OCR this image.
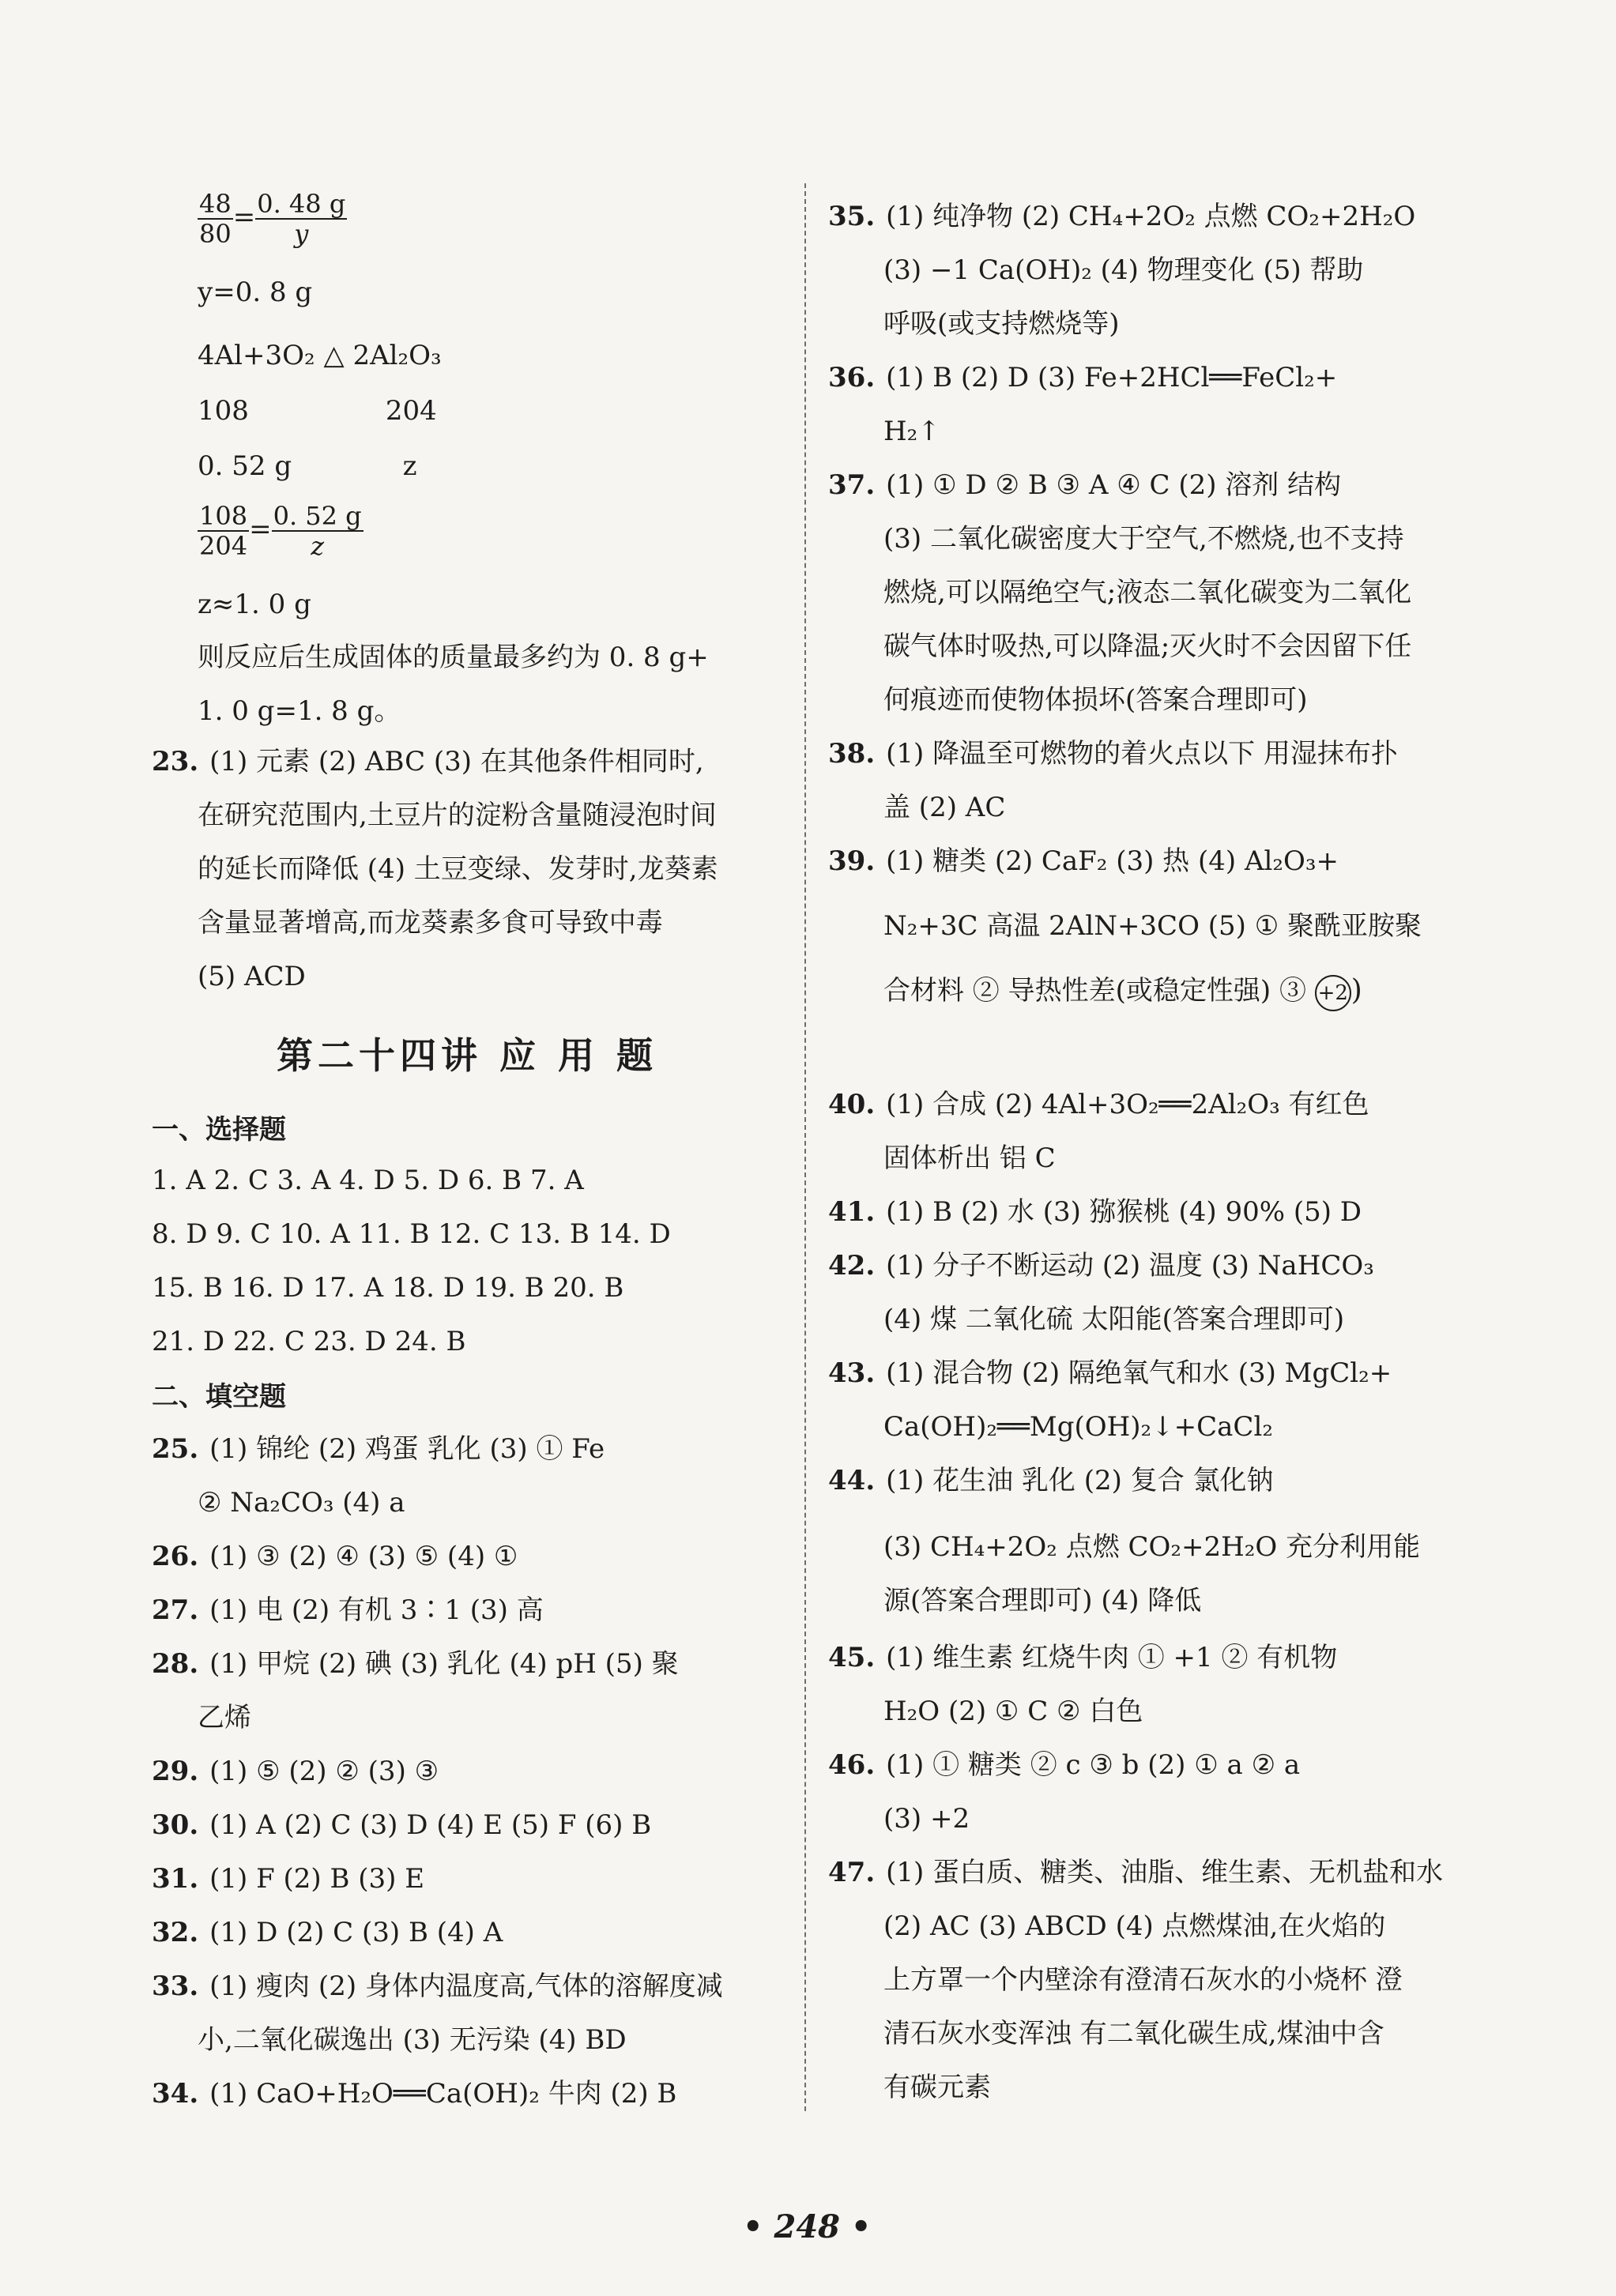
$\frac{48}{80} = \frac{0. 48 g}{y}$
y=0. 8 g
4Al+3O₂ △ 2Al₂O₃
108                204
0. 52 g             z
$\frac{108}{204} = \frac{0. 52 g}{z}$
z≈1. 0 g
则反应后生成固体的质量最多约为 0. 8 g+
1. 0 g=1. 8 g。
23. (1) 元素 (2) ABC (3) 在其他条件相同时,
在研究范围内,土豆片的淀粉含量随浸泡时间
的延长而降低 (4) 土豆变绿、发芽时,龙葵素
含量显著增高,而龙葵素多食可导致中毒
(5) ACD
第二十四讲 应 用 题
一、选择题
1. A 2. C 3. A 4. D 5. D 6. B 7. A
8. D 9. C 10. A 11. B 12. C 13. B 14. D
15. B 16. D 17. A 18. D 19. B 20. B
21. D 22. C 23. D 24. B
二、填空题
25. (1) 锦纶 (2) 鸡蛋 乳化 (3) ① Fe
② Na₂CO₃ (4) a
26. (1) ③ (2) ④ (3) ⑤ (4) ①
27. (1) 电 (2) 有机 3∶1 (3) 高
28. (1) 甲烷 (2) 碘 (3) 乳化 (4) pH (5) 聚
乙烯
29. (1) ⑤ (2) ② (3) ③
30. (1) A (2) C (3) D (4) E (5) F (6) B
31. (1) F (2) B (3) E
32. (1) D (2) C (3) B (4) A
33. (1) 瘦肉 (2) 身体内温度高,气体的溶解度减
小,二氧化碳逸出 (3) 无污染 (4) BD
34. (1) CaO+H₂O══Ca(OH)₂ 牛肉 (2) B
35. (1) 纯净物 (2) CH₄+2O₂ 点燃 CO₂+2H₂O
(3) −1 Ca(OH)₂ (4) 物理变化 (5) 帮助
呼吸(或支持燃烧等)
36. (1) B (2) D (3) Fe+2HCl══FeCl₂+
H₂↑
37. (1) ① D ② B ③ A ④ C (2) 溶剂 结构
(3) 二氧化碳密度大于空气,不燃烧,也不支持
燃烧,可以隔绝空气;液态二氧化碳变为二氧化
碳气体时吸热,可以降温;灭火时不会因留下任
何痕迹而使物体损坏(答案合理即可)
38. (1) 降温至可燃物的着火点以下 用湿抹布扑
盖 (2) AC
39. (1) 糖类 (2) CaF₂ (3) 热 (4) Al₂O₃+
N₂+3C 高温 2AlN+3CO (5) ① 聚酰亚胺聚
合材料 ② 导热性差(或稳定性强) ③ +2 )
40. (1) 合成 (2) 4Al+3O₂══2Al₂O₃ 有红色
固体析出 铝 C
41. (1) B (2) 水 (3) 猕猴桃 (4) 90% (5) D
42. (1) 分子不断运动 (2) 温度 (3) NaHCO₃
(4) 煤 二氧化硫 太阳能(答案合理即可)
43. (1) 混合物 (2) 隔绝氧气和水 (3) MgCl₂+
Ca(OH)₂══Mg(OH)₂↓+CaCl₂
44. (1) 花生油 乳化 (2) 复合 氯化钠
(3) CH₄+2O₂ 点燃 CO₂+2H₂O 充分利用能
源(答案合理即可) (4) 降低
45. (1) 维生素 红烧牛肉 ① +1 ② 有机物
H₂O (2) ① C ② 白色
46. (1) ① 糖类 ② c ③ b (2) ① a ② a
(3) +2
47. (1) 蛋白质、糖类、油脂、维生素、无机盐和水
(2) AC (3) ABCD (4) 点燃煤油,在火焰的
上方罩一个内壁涂有澄清石灰水的小烧杯 澄
清石灰水变浑浊 有二氧化碳生成,煤油中含
有碳元素
• 248 •
